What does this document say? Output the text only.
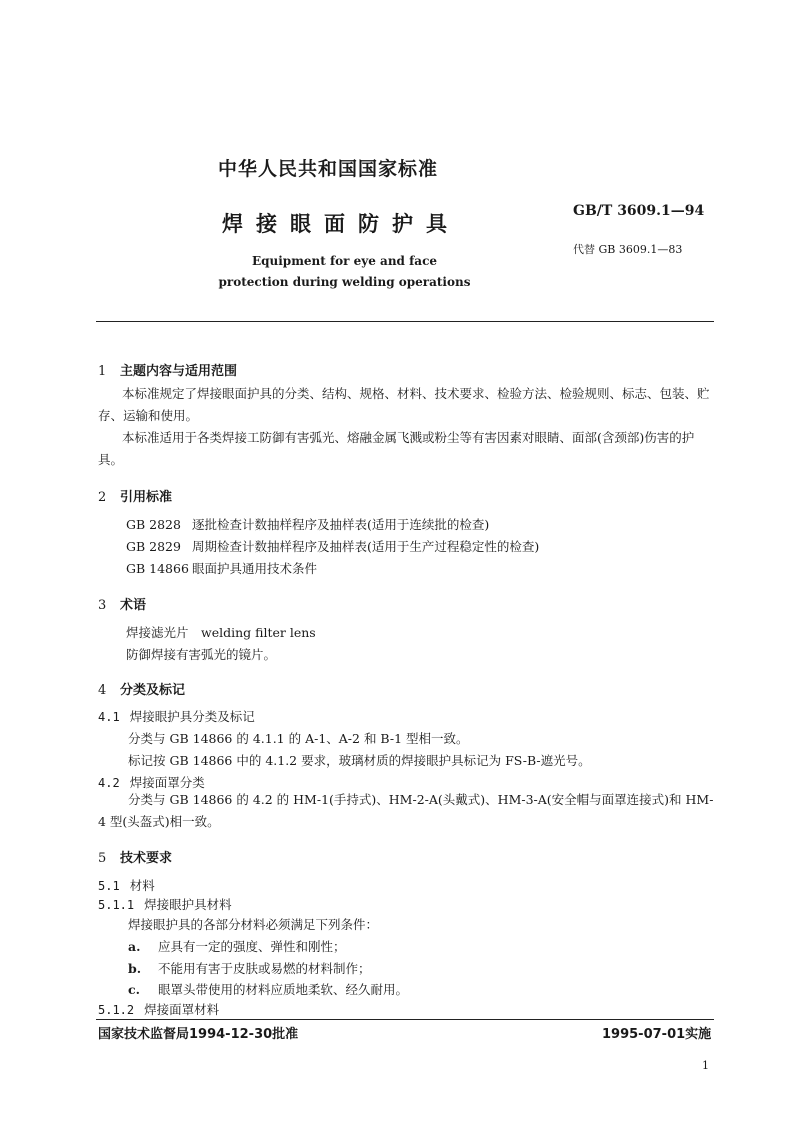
中华人民共和国国家标准
GB/T 3609.1—94
焊接眼面防护具
代替 GB 3609.1—83
Equipment for eye and face
protection during welding operations
1 主题内容与适用范围
本标准规定了焊接眼面护具的分类、结构、规格、材料、技术要求、检验方法、检验规则、标志、包装、贮存、运输和使用。
本标准适用于各类焊接工防御有害弧光、熔融金属飞溅或粉尘等有害因素对眼睛、面部(含颈部)伤害的护具。
2 引用标准
GB 2828 逐批检查计数抽样程序及抽样表(适用于连续批的检查)
GB 2829 周期检查计数抽样程序及抽样表(适用于生产过程稳定性的检查)
GB 14866 眼面护具通用技术条件
3 术语
焊接滤光片　welding filter lens
防御焊接有害弧光的镜片。
4 分类及标记
4.1 焊接眼护具分类及标记
分类与 GB 14866 的 4.1.1 的 A-1、A-2 和 B-1 型相一致。
标记按 GB 14866 中的 4.1.2 要求，玻璃材质的焊接眼护具标记为 FS-B-遮光号。
4.2 焊接面罩分类
分类与 GB 14866 的 4.2 的 HM-1(手持式)、HM-2-A(头戴式)、HM-3-A(安全帽与面罩连接式)和 HM-4 型(头盔式)相一致。
5 技术要求
5.1 材料
5.1.1 焊接眼护具材料
焊接眼护具的各部分材料必须满足下列条件：
a. 应具有一定的强度、弹性和刚性；
b. 不能用有害于皮肤或易燃的材料制作；
c. 眼罩头带使用的材料应质地柔软、经久耐用。
5.1.2 焊接面罩材料
国家技术监督局1994-12-30批准	1995-07-01实施
1
